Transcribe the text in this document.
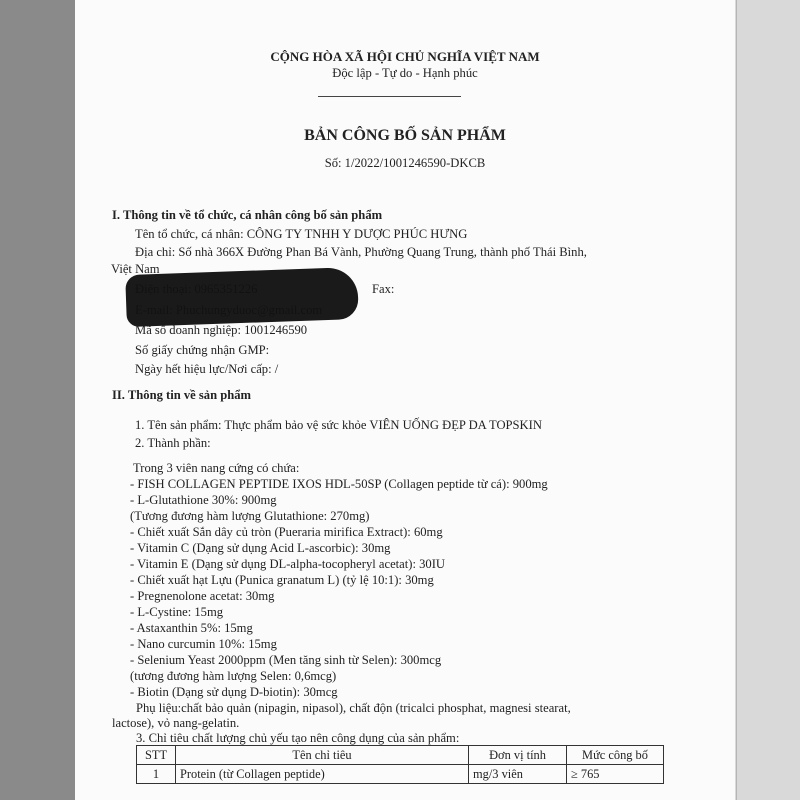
CỘNG HÒA XÃ HỘI CHỦ NGHĨA VIỆT NAM
Độc lập - Tự do - Hạnh phúc
BẢN CÔNG BỐ SẢN PHẨM
Số: 1/2022/1001246590-DKCB
I. Thông tin về tổ chức, cá nhân công bố sản phẩm
Tên tổ chức, cá nhân: CÔNG TY TNHH Y DƯỢC PHÚC HƯNG
Địa chỉ: Số nhà 366X Đường Phan Bá Vành, Phường Quang Trung, thành phố Thái Bình,
Việt Nam
Fax:
Mã số doanh nghiệp: 1001246590
Số giấy chứng nhận GMP:
Ngày hết hiệu lực/Nơi cấp: /
II. Thông tin về sản phẩm
1. Tên sản phẩm: Thực phẩm bảo vệ sức khỏe VIÊN UỐNG ĐẸP DA TOPSKIN
2. Thành phần:
Trong 3 viên nang cứng có chứa:
- FISH COLLAGEN PEPTIDE IXOS HDL-50SP (Collagen peptide từ cá): 900mg
- L-Glutathione 30%: 900mg
(Tương đương hàm lượng Glutathione: 270mg)
- Chiết xuất Sắn dây củ tròn (Pueraria mirifica Extract): 60mg
- Vitamin C (Dạng sử dụng Acid L-ascorbic): 30mg
- Vitamin E (Dạng sử dụng DL-alpha-tocopheryl acetat): 30IU
- Chiết xuất hạt Lựu (Punica granatum L) (tỷ lệ 10:1): 30mg
- Pregnenolone acetat: 30mg
- L-Cystine: 15mg
- Astaxanthin 5%: 15mg
- Nano curcumin 10%: 15mg
- Selenium Yeast 2000ppm (Men tăng sinh từ Selen): 300mcg
(tương đương hàm lượng Selen: 0,6mcg)
- Biotin (Dạng sử dụng D-biotin): 30mcg
Phụ liệu:chất bảo quản (nipagin, nipasol), chất độn (tricalci phosphat, magnesi stearat,
lactose), vỏ nang-gelatin.
3. Chỉ tiêu chất lượng chủ yếu tạo nên công dụng của sản phẩm:
STT	Tên chỉ tiêu	Đơn vị tính	Mức công bố
1	Protein (từ Collagen peptide)	mg/3 viên	≥ 765
